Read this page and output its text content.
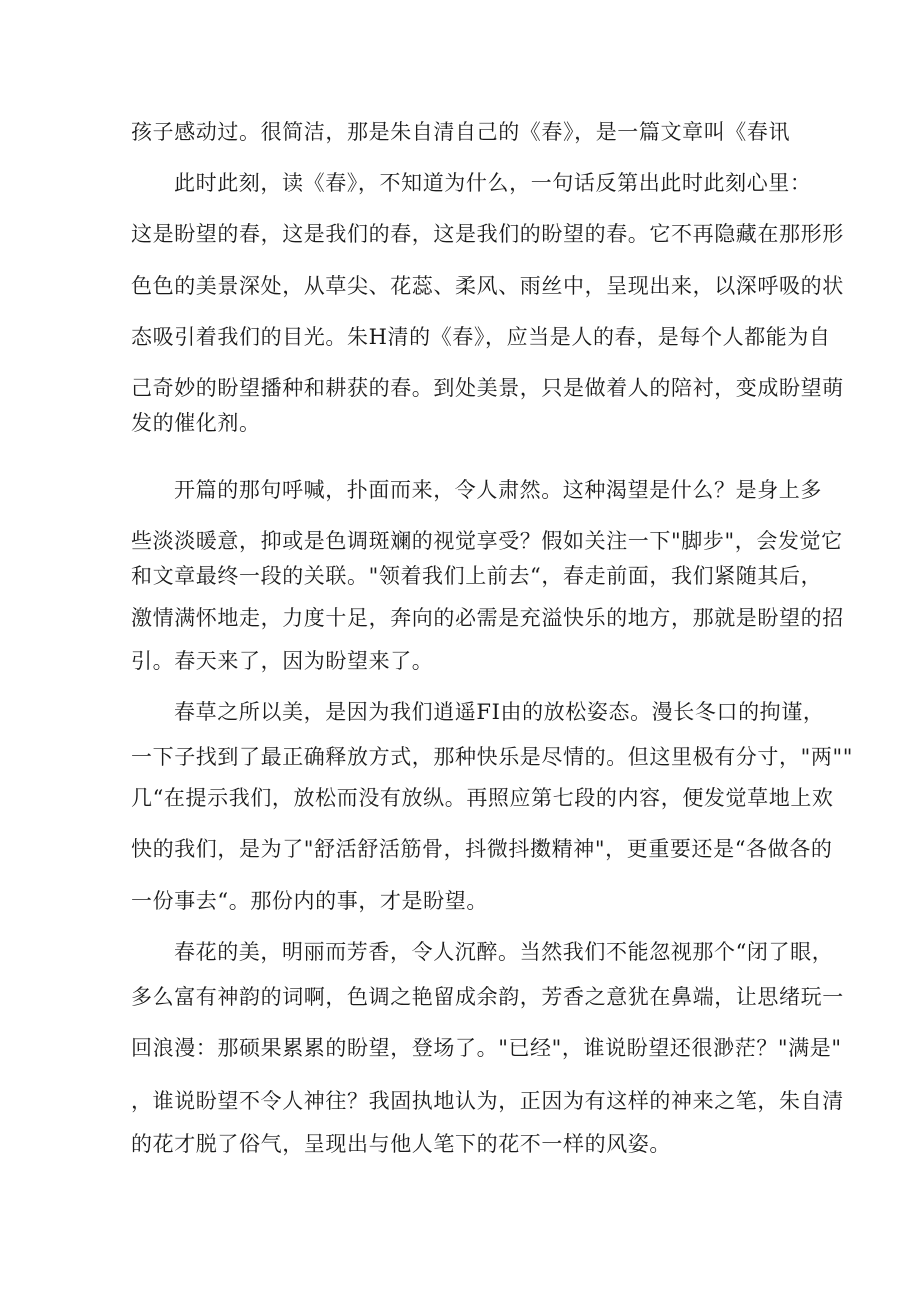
孩子感动过。很简洁，那是朱自清自己的《春》，是一篇文章叫《春讯
此时此刻，读《春》，不知道为什么，一句话反第出此时此刻心里：
这是盼望的春，这是我们的春，这是我们的盼望的春。它不再隐藏在那形形
色色的美景深处，从草尖、花蕊、柔风、雨丝中，呈现出来，以深呼吸的状
态吸引着我们的目光。朱H清的《春》，应当是人的春，是每个人都能为自
己奇妙的盼望播种和耕获的春。到处美景，只是做着人的陪衬，变成盼望萌
发的催化剂。
开篇的那句呼喊，扑面而来，令人肃然。这种渴望是什么？是身上多
些淡淡暖意，抑或是色调斑斓的视觉享受？假如关注一下"脚步"，会发觉它
和文章最终一段的关联。"领着我们上前去“，春走前面，我们紧随其后，
激情满怀地走，力度十足，奔向的必需是充溢快乐的地方，那就是盼望的招
引。春天来了，因为盼望来了。
春草之所以美，是因为我们逍遥FI由的放松姿态。漫长冬口的拘谨，
一下子找到了最正确释放方式，那种快乐是尽情的。但这里极有分寸，"两""
几“在提示我们，放松而没有放纵。再照应第七段的内容，便发觉草地上欢
快的我们，是为了"舒活舒活筋骨，抖微抖擞精神"，更重要还是“各做各的
一份事去“。那份内的事，才是盼望。
春花的美，明丽而芳香，令人沉醉。当然我们不能忽视那个“闭了眼，
多么富有神韵的词啊，色调之艳留成余韵，芳香之意犹在鼻端，让思绪玩一
回浪漫：那硕果累累的盼望，登场了。"已经"，谁说盼望还很渺茫？"满是"
，谁说盼望不令人神往？我固执地认为，正因为有这样的神来之笔，朱自清
的花才脱了俗气，呈现出与他人笔下的花不一样的风姿。
